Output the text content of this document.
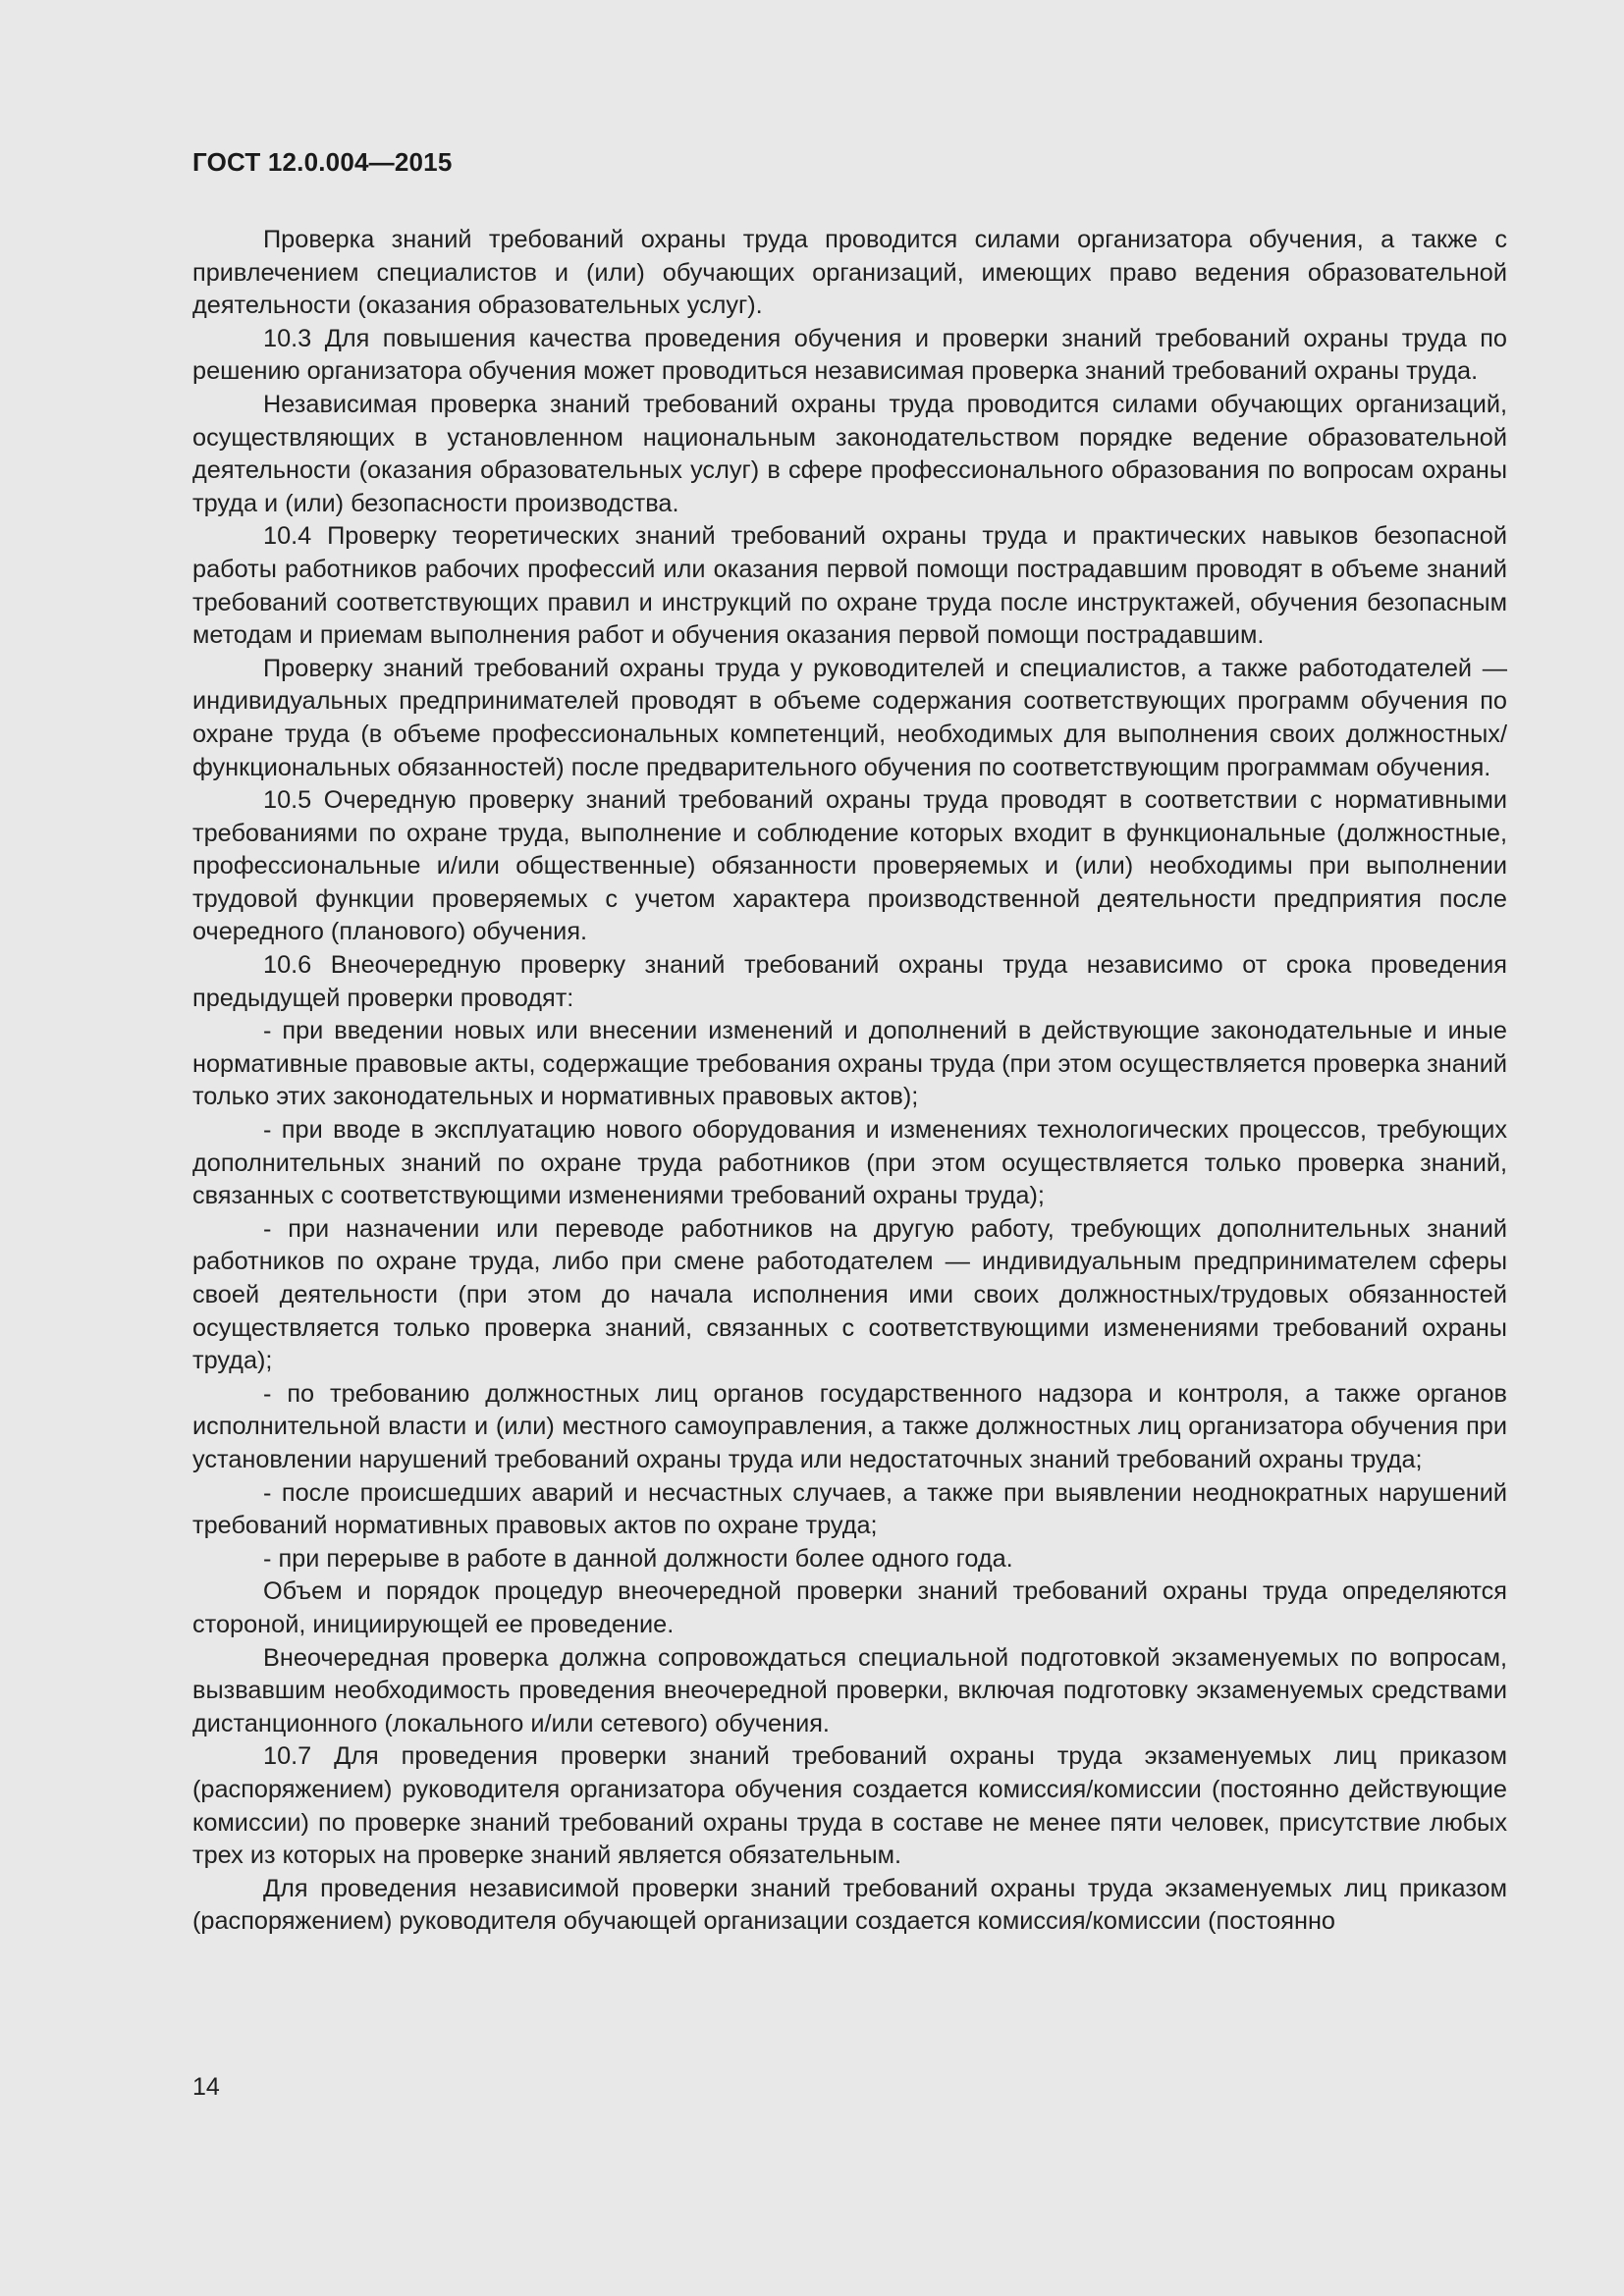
ГОСТ 12.0.004—2015

Проверка знаний требований охраны труда проводится силами организатора обучения, а также с привлечением специалистов и (или) обучающих организаций, имеющих право ведения образовательной деятельности (оказания образовательных услуг).

10.3 Для повышения качества проведения обучения и проверки знаний требований охраны труда по решению организатора обучения может проводиться независимая проверка знаний требований охраны труда.

Независимая проверка знаний требований охраны труда проводится силами обучающих организаций, осуществляющих в установленном национальным законодательством порядке ведение образовательной деятельности (оказания образовательных услуг) в сфере профессионального образования по вопросам охраны труда и (или) безопасности производства.

10.4 Проверку теоретических знаний требований охраны труда и практических навыков безопасной работы работников рабочих профессий или оказания первой помощи пострадавшим проводят в объеме знаний требований соответствующих правил и инструкций по охране труда после инструктажей, обучения безопасным методам и приемам выполнения работ и обучения оказания первой помощи пострадавшим.

Проверку знаний требований охраны труда у руководителей и специалистов, а также работодателей — индивидуальных предпринимателей проводят в объеме содержания соответствующих программ обучения по охране труда (в объеме профессиональных компетенций, необходимых для выполнения своих должностных/функциональных обязанностей) после предварительного обучения по соответствующим программам обучения.

10.5 Очередную проверку знаний требований охраны труда проводят в соответствии с нормативными требованиями по охране труда, выполнение и соблюдение которых входит в функциональные (должностные, профессиональные и/или общественные) обязанности проверяемых и (или) необходимы при выполнении трудовой функции проверяемых с учетом характера производственной деятельности предприятия после очередного (планового) обучения.

10.6 Внеочередную проверку знаний требований охраны труда независимо от срока проведения предыдущей проверки проводят:

- при введении новых или внесении изменений и дополнений в действующие законодательные и иные нормативные правовые акты, содержащие требования охраны труда (при этом осуществляется проверка знаний только этих законодательных и нормативных правовых актов);

- при вводе в эксплуатацию нового оборудования и изменениях технологических процессов, требующих дополнительных знаний по охране труда работников (при этом осуществляется только проверка знаний, связанных с соответствующими изменениями требований охраны труда);

- при назначении или переводе работников на другую работу, требующих дополнительных знаний работников по охране труда, либо при смене работодателем — индивидуальным предпринимателем сферы своей деятельности (при этом до начала исполнения ими своих должностных/трудовых обязанностей осуществляется только проверка знаний, связанных с соответствующими изменениями требований охраны труда);

- по требованию должностных лиц органов государственного надзора и контроля, а также органов исполнительной власти и (или) местного самоуправления, а также должностных лиц организатора обучения при установлении нарушений требований охраны труда или недостаточных знаний требований охраны труда;

- после происшедших аварий и несчастных случаев, а также при выявлении неоднократных нарушений требований нормативных правовых актов по охране труда;

- при перерыве в работе в данной должности более одного года.

Объем и порядок процедур внеочередной проверки знаний требований охраны труда определяются стороной, инициирующей ее проведение.

Внеочередная проверка должна сопровождаться специальной подготовкой экзаменуемых по вопросам, вызвавшим необходимость проведения внеочередной проверки, включая подготовку экзаменуемых средствами дистанционного (локального и/или сетевого) обучения.

10.7 Для проведения проверки знаний требований охраны труда экзаменуемых лиц приказом (распоряжением) руководителя организатора обучения создается комиссия/комиссии (постоянно действующие комиссии) по проверке знаний требований охраны труда в составе не менее пяти человек, присутствие любых трех из которых на проверке знаний является обязательным.

Для проведения независимой проверки знаний требований охраны труда экзаменуемых лиц приказом (распоряжением) руководителя обучающей организации создается комиссия/комиссии (постоянно

14
